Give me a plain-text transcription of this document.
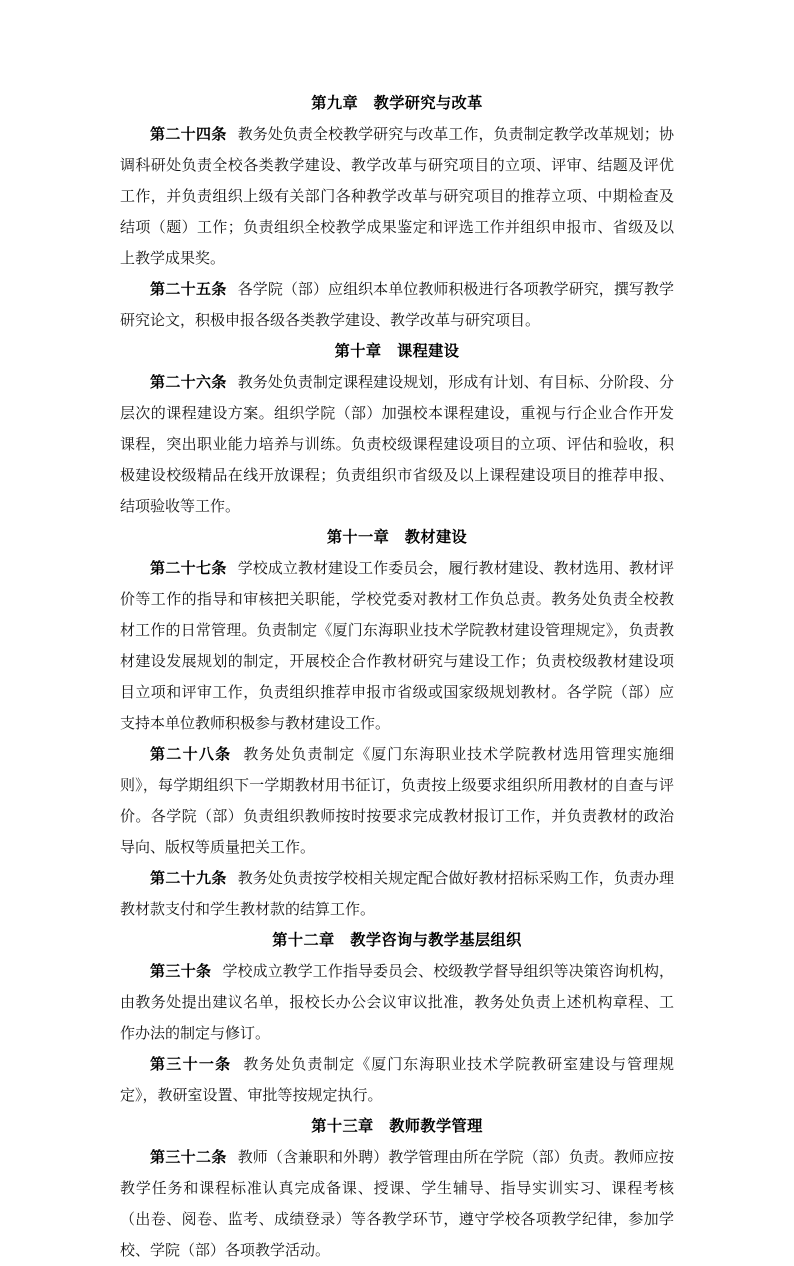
第九章　教学研究与改革

第二十四条 教务处负责全校教学研究与改革工作，负责制定教学改革规划；协调科研处负责全校各类教学建设、教学改革与研究项目的立项、评审、结题及评优工作，并负责组织上级有关部门各种教学改革与研究项目的推荐立项、中期检查及结项（题）工作；负责组织全校教学成果鉴定和评选工作并组织申报市、省级及以上教学成果奖。

第二十五条 各学院（部）应组织本单位教师积极进行各项教学研究，撰写教学研究论文，积极申报各级各类教学建设、教学改革与研究项目。

第十章　课程建设

第二十六条 教务处负责制定课程建设规划，形成有计划、有目标、分阶段、分层次的课程建设方案。组织学院（部）加强校本课程建设，重视与行企业合作开发课程，突出职业能力培养与训练。负责校级课程建设项目的立项、评估和验收，积极建设校级精品在线开放课程；负责组织市省级及以上课程建设项目的推荐申报、结项验收等工作。

第十一章　教材建设

第二十七条 学校成立教材建设工作委员会，履行教材建设、教材选用、教材评价等工作的指导和审核把关职能，学校党委对教材工作负总责。教务处负责全校教材工作的日常管理。负责制定《厦门东海职业技术学院教材建设管理规定》，负责教材建设发展规划的制定，开展校企合作教材研究与建设工作；负责校级教材建设项目立项和评审工作，负责组织推荐申报市省级或国家级规划教材。各学院（部）应支持本单位教师积极参与教材建设工作。

第二十八条 教务处负责制定《厦门东海职业技术学院教材选用管理实施细则》，每学期组织下一学期教材用书征订，负责按上级要求组织所用教材的自查与评价。各学院（部）负责组织教师按时按要求完成教材报订工作，并负责教材的政治导向、版权等质量把关工作。

第二十九条 教务处负责按学校相关规定配合做好教材招标采购工作，负责办理教材款支付和学生教材款的结算工作。

第十二章　教学咨询与教学基层组织

第三十条 学校成立教学工作指导委员会、校级教学督导组织等决策咨询机构，由教务处提出建议名单，报校长办公会议审议批准，教务处负责上述机构章程、工作办法的制定与修订。

第三十一条 教务处负责制定《厦门东海职业技术学院教研室建设与管理规定》，教研室设置、审批等按规定执行。

第十三章　教师教学管理

第三十二条 教师（含兼职和外聘）教学管理由所在学院（部）负责。教师应按教学任务和课程标准认真完成备课、授课、学生辅导、指导实训实习、课程考核（出卷、阅卷、监考、成绩登录）等各教学环节，遵守学校各项教学纪律，参加学校、学院（部）各项教学活动。
